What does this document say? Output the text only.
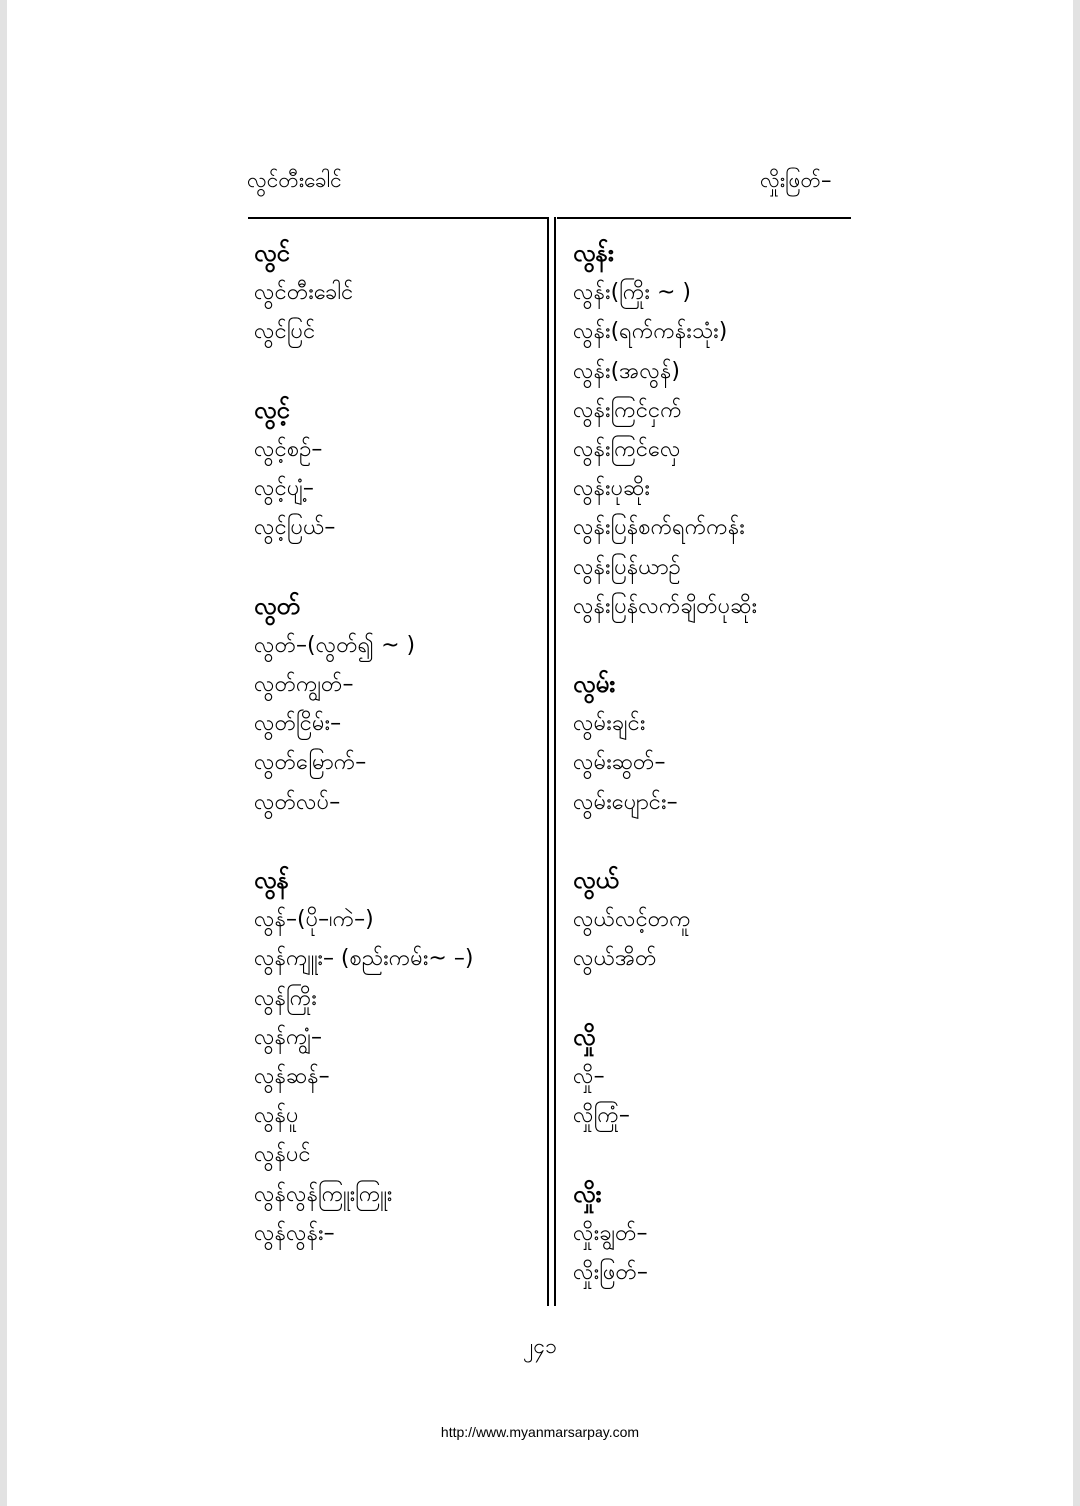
လွင်တီးခေါင်	လှိုးဖြတ်–
လွင်
လွင်တီးခေါင်
လွင်ပြင်
လွင့်
လွင့်စဉ်–
လွင့်ပျံ့–
လွင့်ပြယ်–
လွတ်
လွတ်–(လွတ်၍ ~ )
လွတ်ကျွတ်–
လွတ်ငြိမ်း–
လွတ်မြောက်–
လွတ်လပ်–
လွန်
လွန်–(ပို–၊ကဲ–)
လွန်ကျူး– (စည်းကမ်း~ –)
လွန်ကြိုး
လွန်ကျွံ–
လွန်ဆန်–
လွန်ပူ
လွန်ပင်
လွန်လွန်ကြူးကြူး
လွန်လွန်း–
လွန်း
လွန်း(ကြိုး ~ )
လွန်း(ရက်ကန်းသုံး)
လွန်း(အလွန်)
လွန်းကြင်ငှက်
လွန်းကြင်လှေ
လွန်းပုဆိုး
လွန်းပြန်စက်ရက်ကန်း
လွန်းပြန်ယာဉ်
လွန်းပြန်လက်ချိတ်ပုဆိုး
လွမ်း
လွမ်းချင်း
လွမ်းဆွတ်–
လွမ်းပျောင်း–
လွယ်
လွယ်လင့်တကူ
လွယ်အိတ်
လှို
လှို–
လှိုကြုံ–
လှိုး
လှိုးချွတ်–
လှိုးဖြတ်–
၂၄၁
http://www.myanmarsarpay.com
